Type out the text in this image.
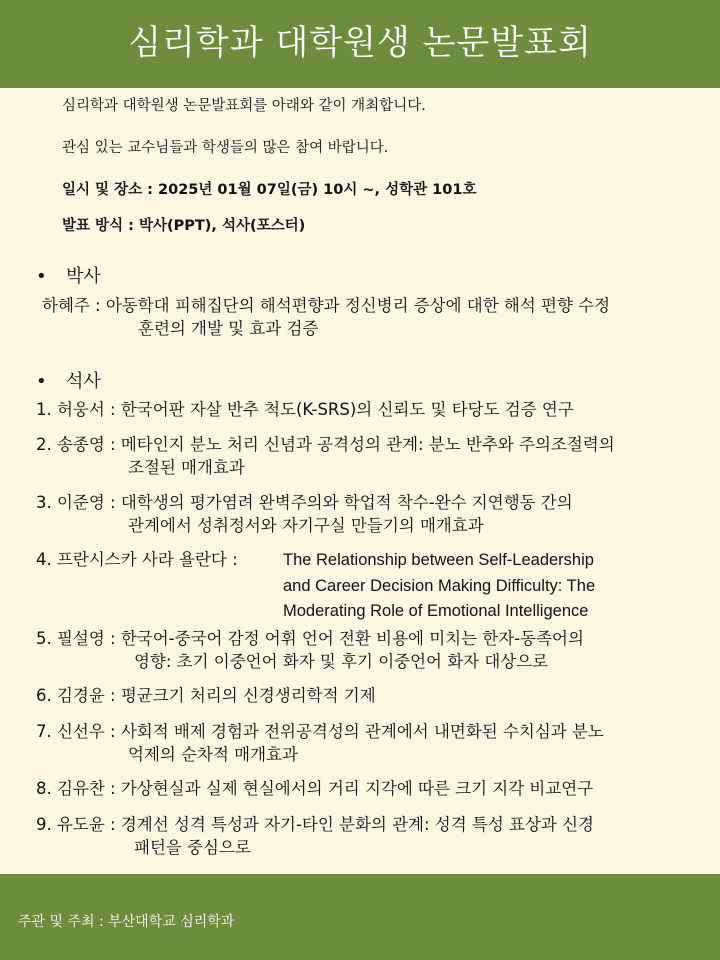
심리학과 대학원생 논문발표회
심리학과 대학원생 논문발표회를 아래와 같이 개최합니다.
관심 있는 교수님들과 학생들의 많은 참여 바랍니다.
일시 및 장소 : 2025년 01월 07일(금) 10시 ~, 성학관 101호
발표 방식 : 박사(PPT), 석사(포스터)
• 박사
하혜주 : 아동학대 피해집단의 해석편향과 정신병리 증상에 대한 해석 편향 수정
훈련의 개발 및 효과 검증
• 석사
1. 허웅서 : 한국어판 자살 반추 척도(K-SRS)의 신뢰도 및 타당도 검증 연구
2. 송종영 : 메타인지 분노 처리 신념과 공격성의 관계: 분노 반추와 주의조절력의
조절된 매개효과
3. 이준영 : 대학생의 평가염려 완벽주의와 학업적 착수-완수 지연행동 간의
관계에서 성취정서와 자기구실 만들기의 매개효과
4. 프란시스카 사라 욜란다 :	The Relationship between Self-Leadership
and Career Decision Making Difficulty: The
Moderating Role of Emotional Intelligence
5. 필설영 : 한국어-중국어 감정 어휘 언어 전환 비용에 미치는 한자-동족어의
영향: 초기 이중언어 화자 및 후기 이중언어 화자 대상으로
6. 김경윤 : 평균크기 처리의 신경생리학적 기제
7. 신선우 : 사회적 배제 경험과 전위공격성의 관계에서 내면화된 수치심과 분노
억제의 순차적 매개효과
8. 김유찬 : 가상현실과 실제 현실에서의 거리 지각에 따른 크기 지각 비교연구
9. 유도윤 : 경계선 성격 특성과 자기-타인 분화의 관계: 성격 특성 표상과 신경
패턴을 중심으로
주관 및 주최 : 부산대학교 심리학과
